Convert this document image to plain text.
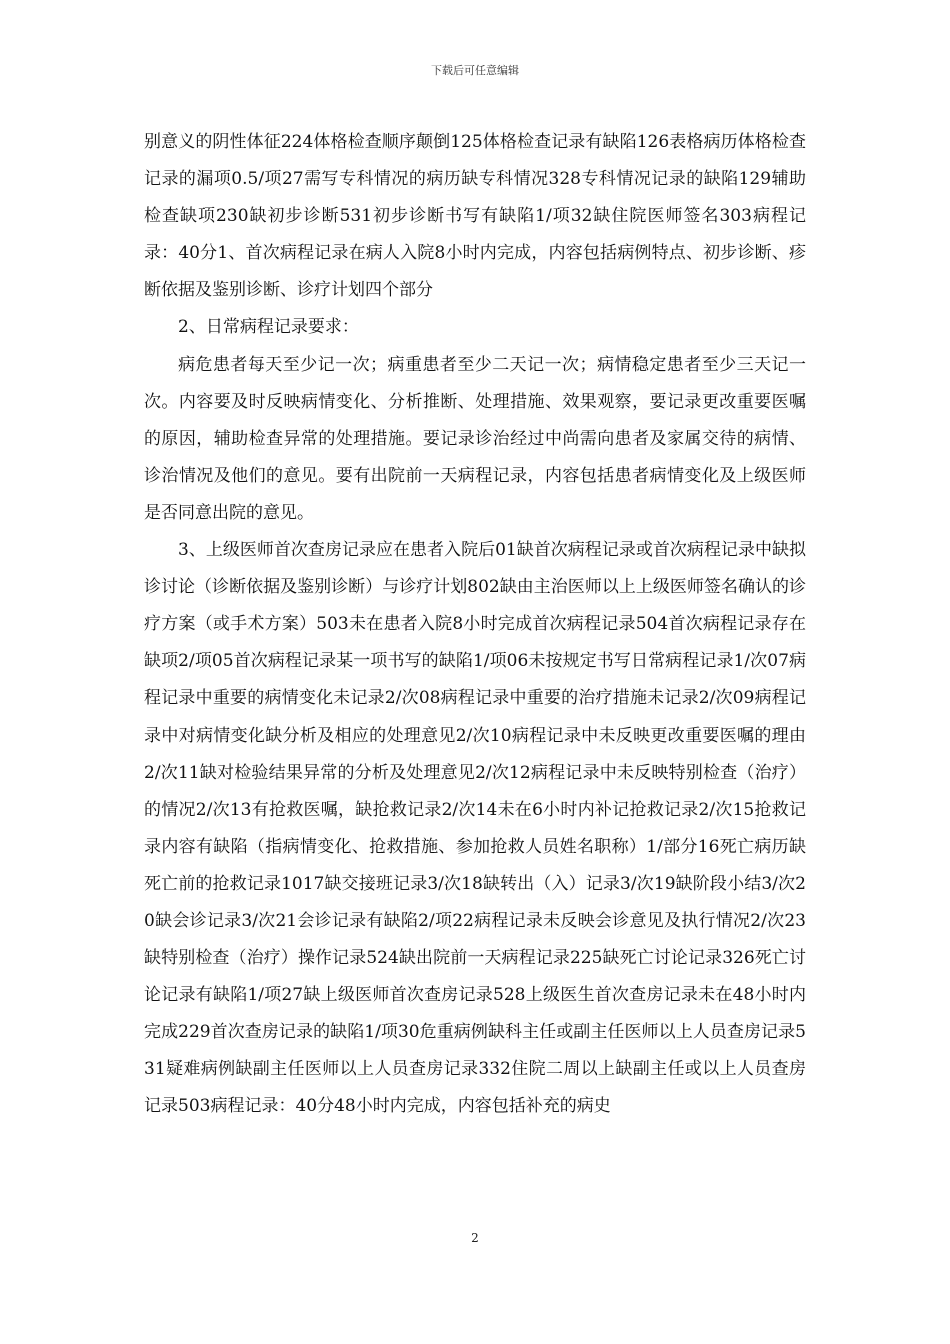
下载后可任意编辑

别意义的阴性体征224体格检查顺序颠倒125体格检查记录有缺陷126表格病历体格检查记录的漏项0.5/项27需写专科情况的病历缺专科情况328专科情况记录的缺陷129辅助检查缺项230缺初步诊断531初步诊断书写有缺陷1/项32缺住院医师签名303病程记录：40分1、首次病程记录在病人入院8小时内完成，内容包括病例特点、初步诊断、疹断依据及鉴别诊断、诊疗计划四个部分

2、日常病程记录要求：

病危患者每天至少记一次；病重患者至少二天记一次；病情稳定患者至少三天记一次。内容要及时反映病情变化、分析推断、处理措施、效果观察，要记录更改重要医嘱的原因，辅助检查异常的处理措施。要记录诊治经过中尚需向患者及家属交待的病情、诊治情况及他们的意见。要有出院前一天病程记录，内容包括患者病情变化及上级医师是否同意出院的意见。

3、上级医师首次查房记录应在患者入院后01缺首次病程记录或首次病程记录中缺拟诊讨论（诊断依据及鉴别诊断）与诊疗计划802缺由主治医师以上上级医师签名确认的诊疗方案（或手术方案）503未在患者入院8小时完成首次病程记录504首次病程记录存在缺项2/项05首次病程记录某一项书写的缺陷1/项06未按规定书写日常病程记录1/次07病程记录中重要的病情变化未记录2/次08病程记录中重要的治疗措施未记录2/次09病程记录中对病情变化缺分析及相应的处理意见2/次10病程记录中未反映更改重要医嘱的理由2/次11缺对检验结果异常的分析及处理意见2/次12病程记录中未反映特别检查（治疗）的情况2/次13有抢救医嘱，缺抢救记录2/次14未在6小时内补记抢救记录2/次15抢救记录内容有缺陷（指病情变化、抢救措施、参加抢救人员姓名职称）1/部分16死亡病历缺死亡前的抢救记录1017缺交接班记录3/次18缺转出（入）记录3/次19缺阶段小结3/次20缺会诊记录3/次21会诊记录有缺陷2/项22病程记录未反映会诊意见及执行情况2/次23缺特别检查（治疗）操作记录524缺出院前一天病程记录225缺死亡讨论记录326死亡讨论记录有缺陷1/项27缺上级医师首次查房记录528上级医生首次查房记录未在48小时内完成229首次查房记录的缺陷1/项30危重病例缺科主任或副主任医师以上人员查房记录531疑难病例缺副主任医师以上人员查房记录332住院二周以上缺副主任或以上人员查房记录503病程记录：40分48小时内完成，内容包括补充的病史

2
